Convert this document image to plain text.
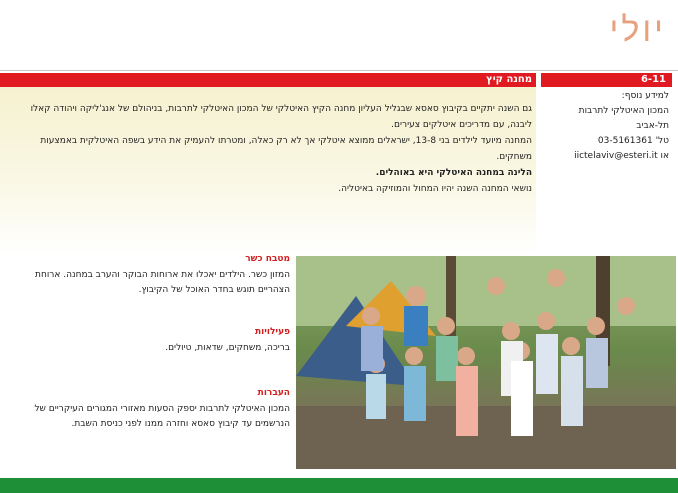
יולי
6-11
מחנה קיץ
למידע נוסף:
המכון האיטלקי לתרבות
תל-אביב
טל' 03-5161361
או iictelaviv@esteri.it

גם השנה יתקיים בקיבוץ סאסא שבגליל העליון מחנה הקיץ האיטלקי של המכון האיטלקי לתרבות, בניהולם של אנג'ליקה ויהודה קאלו ליבנה, עם מדריכים איטלקים צעירים.

המחנה מיועד לילדים בני 13-8, ישראלים ממוצא איטלקי אך לא רק כאלה, ומטרתו להעמיק את הידע בשפה האיטלקית באמצעות משחקים.

הלינה במחנה האיטלקי היא באוהלים.

נושאי המחנה השנה יהיו המחול והמוזיקה באיטליה.

מטבח כשר
המזון כשר. הילדים יאכלו את ארוחות הבוקר והערב במחנה. ארוחת הצהריים תוגש בחדר האוכל של הקיבוץ.
פעילויות
בריכה, משחקים, שדאות, טיולים.
העברות
המכון האיטלקי לתרבות יספק הסעות מאזורי המגורים העיקריים של הנרשמים עד קיבוץ סאסא וחזרה ממנו לפני כניסת השבת.
